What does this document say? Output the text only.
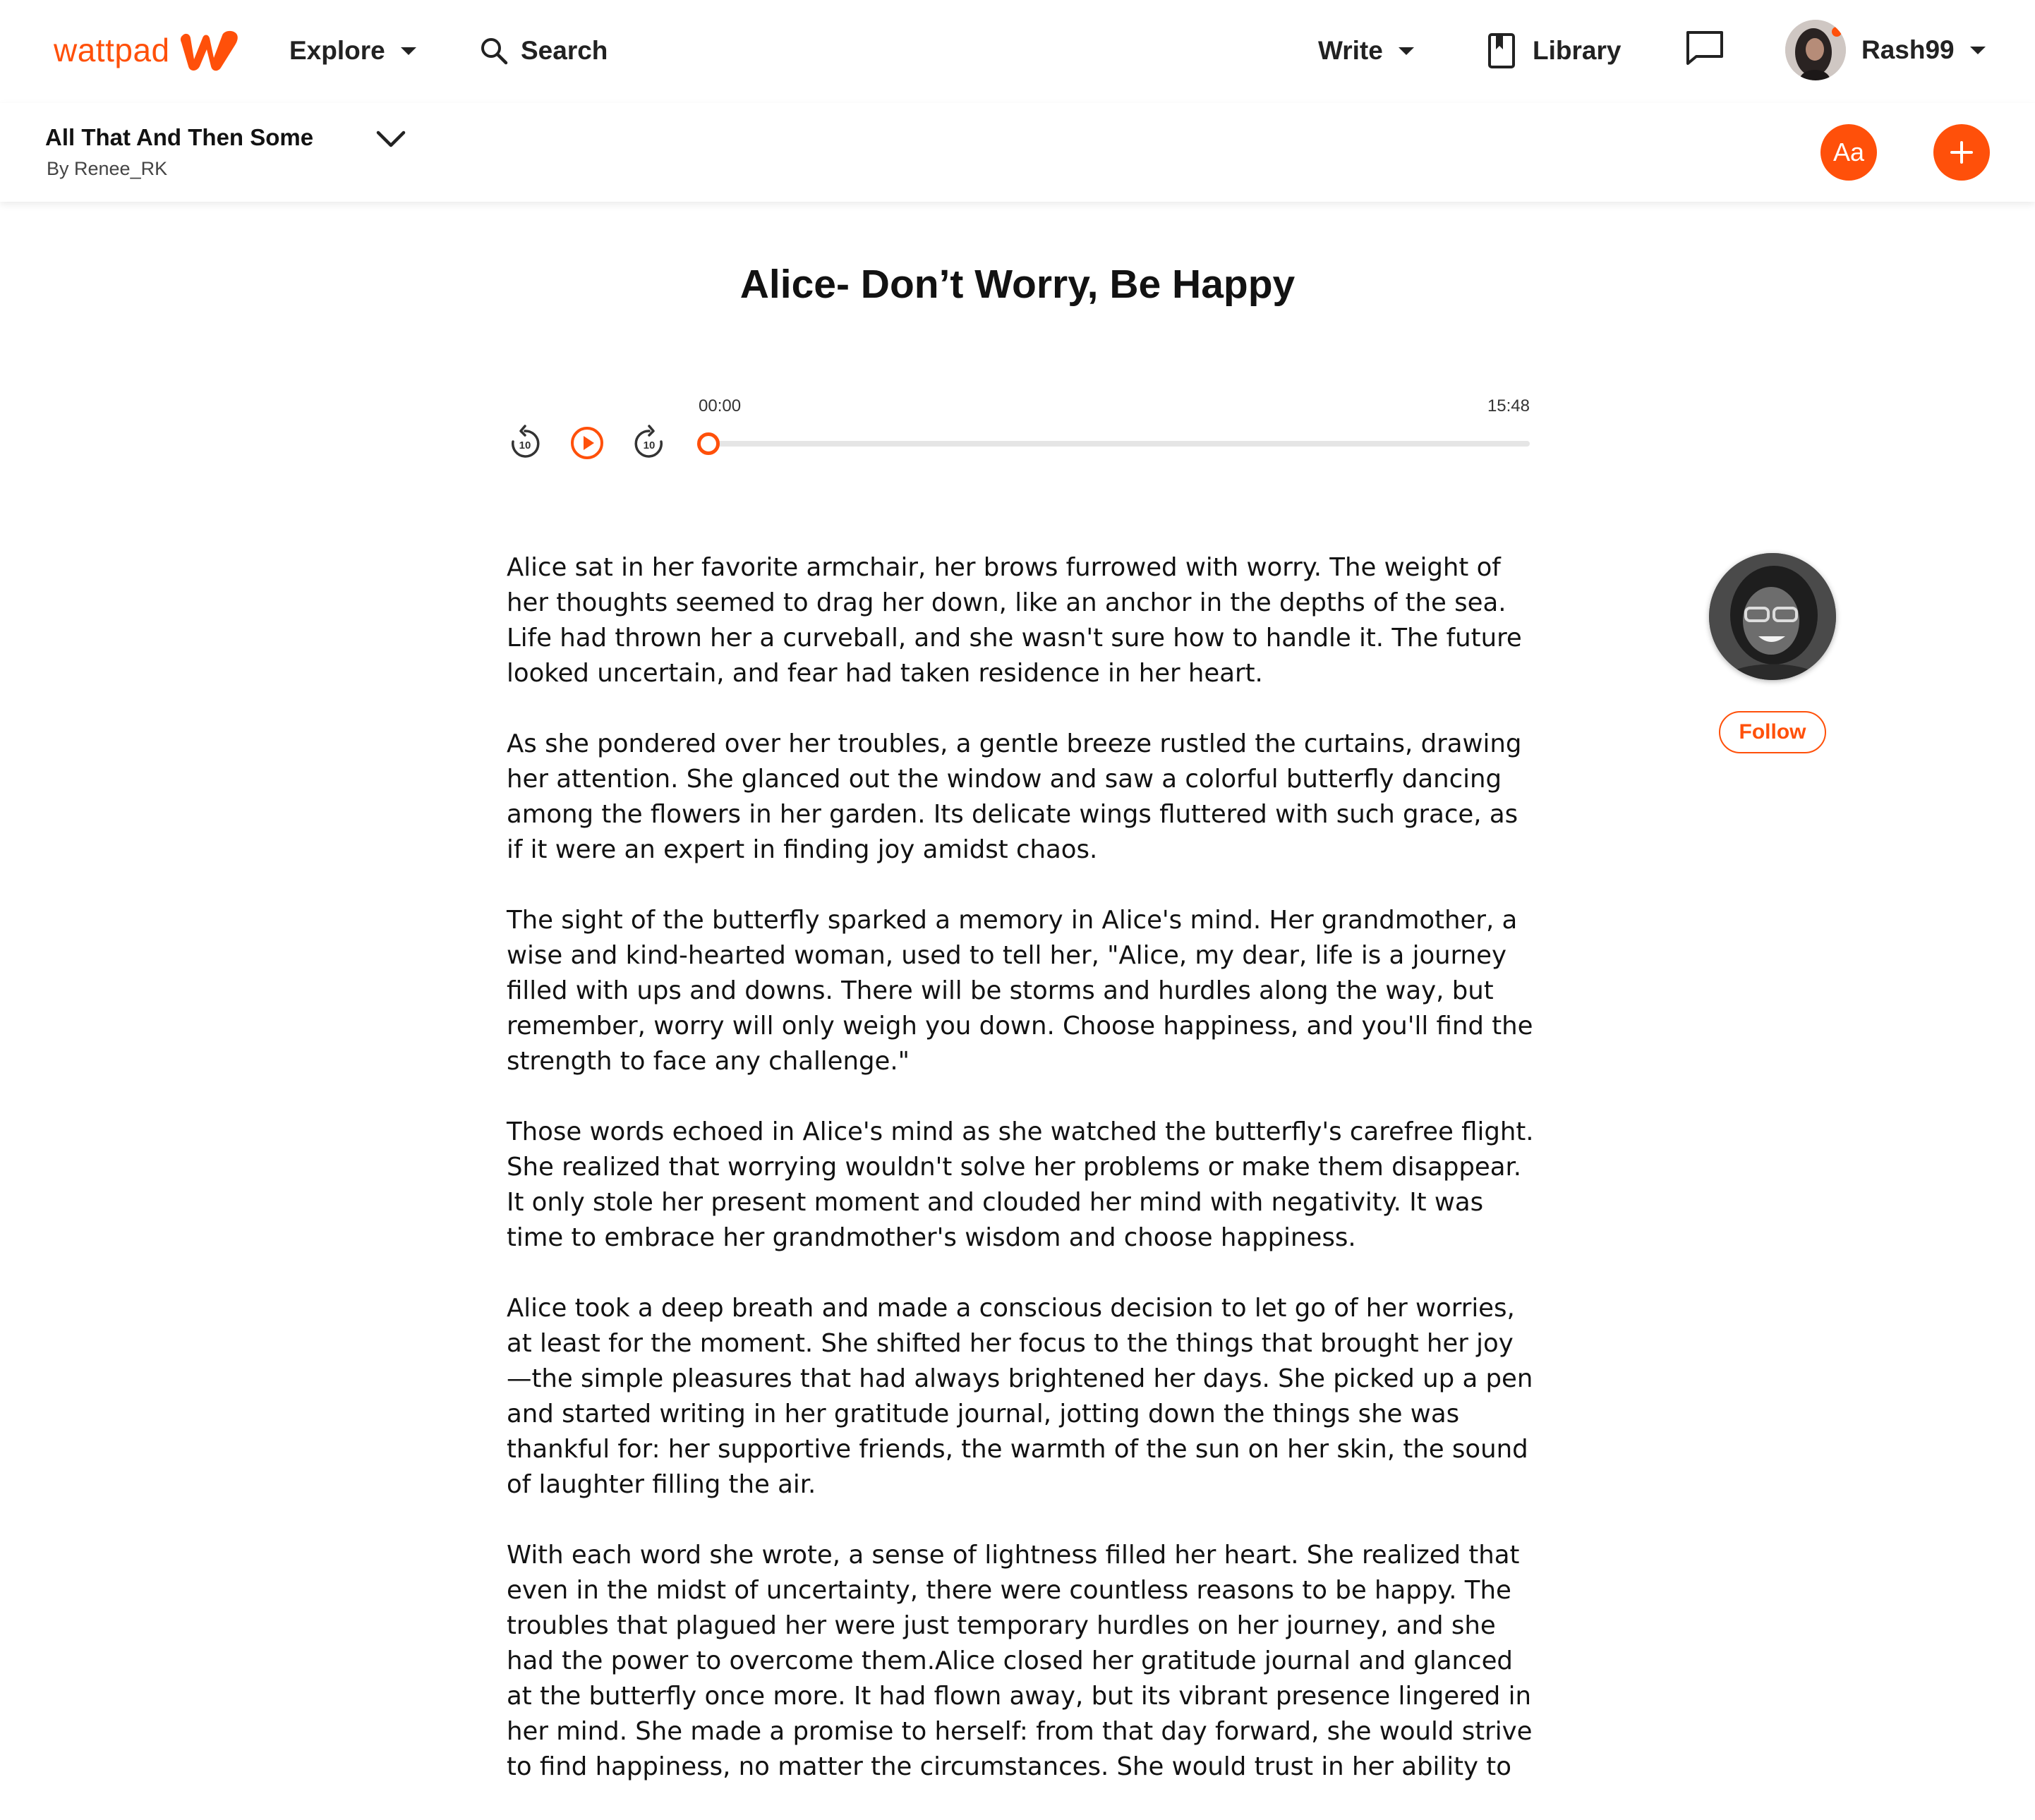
wattpad	Explore	Search	Write	Library	Rash99
All That And Then Some
By Renee_RK
Aa
Alice- Don’t Worry, Be Happy
10	10
00:00	15:48

Alice sat in her favorite armchair, her brows furrowed with worry. The weight of her thoughts seemed to drag her down, like an anchor in the depths of the sea. Life had thrown her a curveball, and she wasn't sure how to handle it. The future looked uncertain, and fear had taken residence in her heart.

As she pondered over her troubles, a gentle breeze rustled the curtains, drawing her attention. She glanced out the window and saw a colorful butterfly dancing among the flowers in her garden. Its delicate wings fluttered with such grace, as if it were an expert in finding joy amidst chaos.

The sight of the butterfly sparked a memory in Alice's mind. Her grandmother, a wise and kind-hearted woman, used to tell her, "Alice, my dear, life is a journey filled with ups and downs. There will be storms and hurdles along the way, but remember, worry will only weigh you down. Choose happiness, and you'll find the strength to face any challenge."

Those words echoed in Alice's mind as she watched the butterfly's carefree flight. She realized that worrying wouldn't solve her problems or make them disappear. It only stole her present moment and clouded her mind with negativity. It was time to embrace her grandmother's wisdom and choose happiness.

Alice took a deep breath and made a conscious decision to let go of her worries, at least for the moment. She shifted her focus to the things that brought her joy—the simple pleasures that had always brightened her days. She picked up a pen and started writing in her gratitude journal, jotting down the things she was thankful for: her supportive friends, the warmth of the sun on her skin, the sound of laughter filling the air.

With each word she wrote, a sense of lightness filled her heart. She realized that even in the midst of uncertainty, there were countless reasons to be happy. The troubles that plagued her were just temporary hurdles on her journey, and she had the power to overcome them.Alice closed her gratitude journal and glanced at the butterfly once more. It had flown away, but its vibrant presence lingered in her mind. She made a promise to herself: from that day forward, she would strive to find happiness, no matter the circumstances. She would trust in her ability to

Follow
